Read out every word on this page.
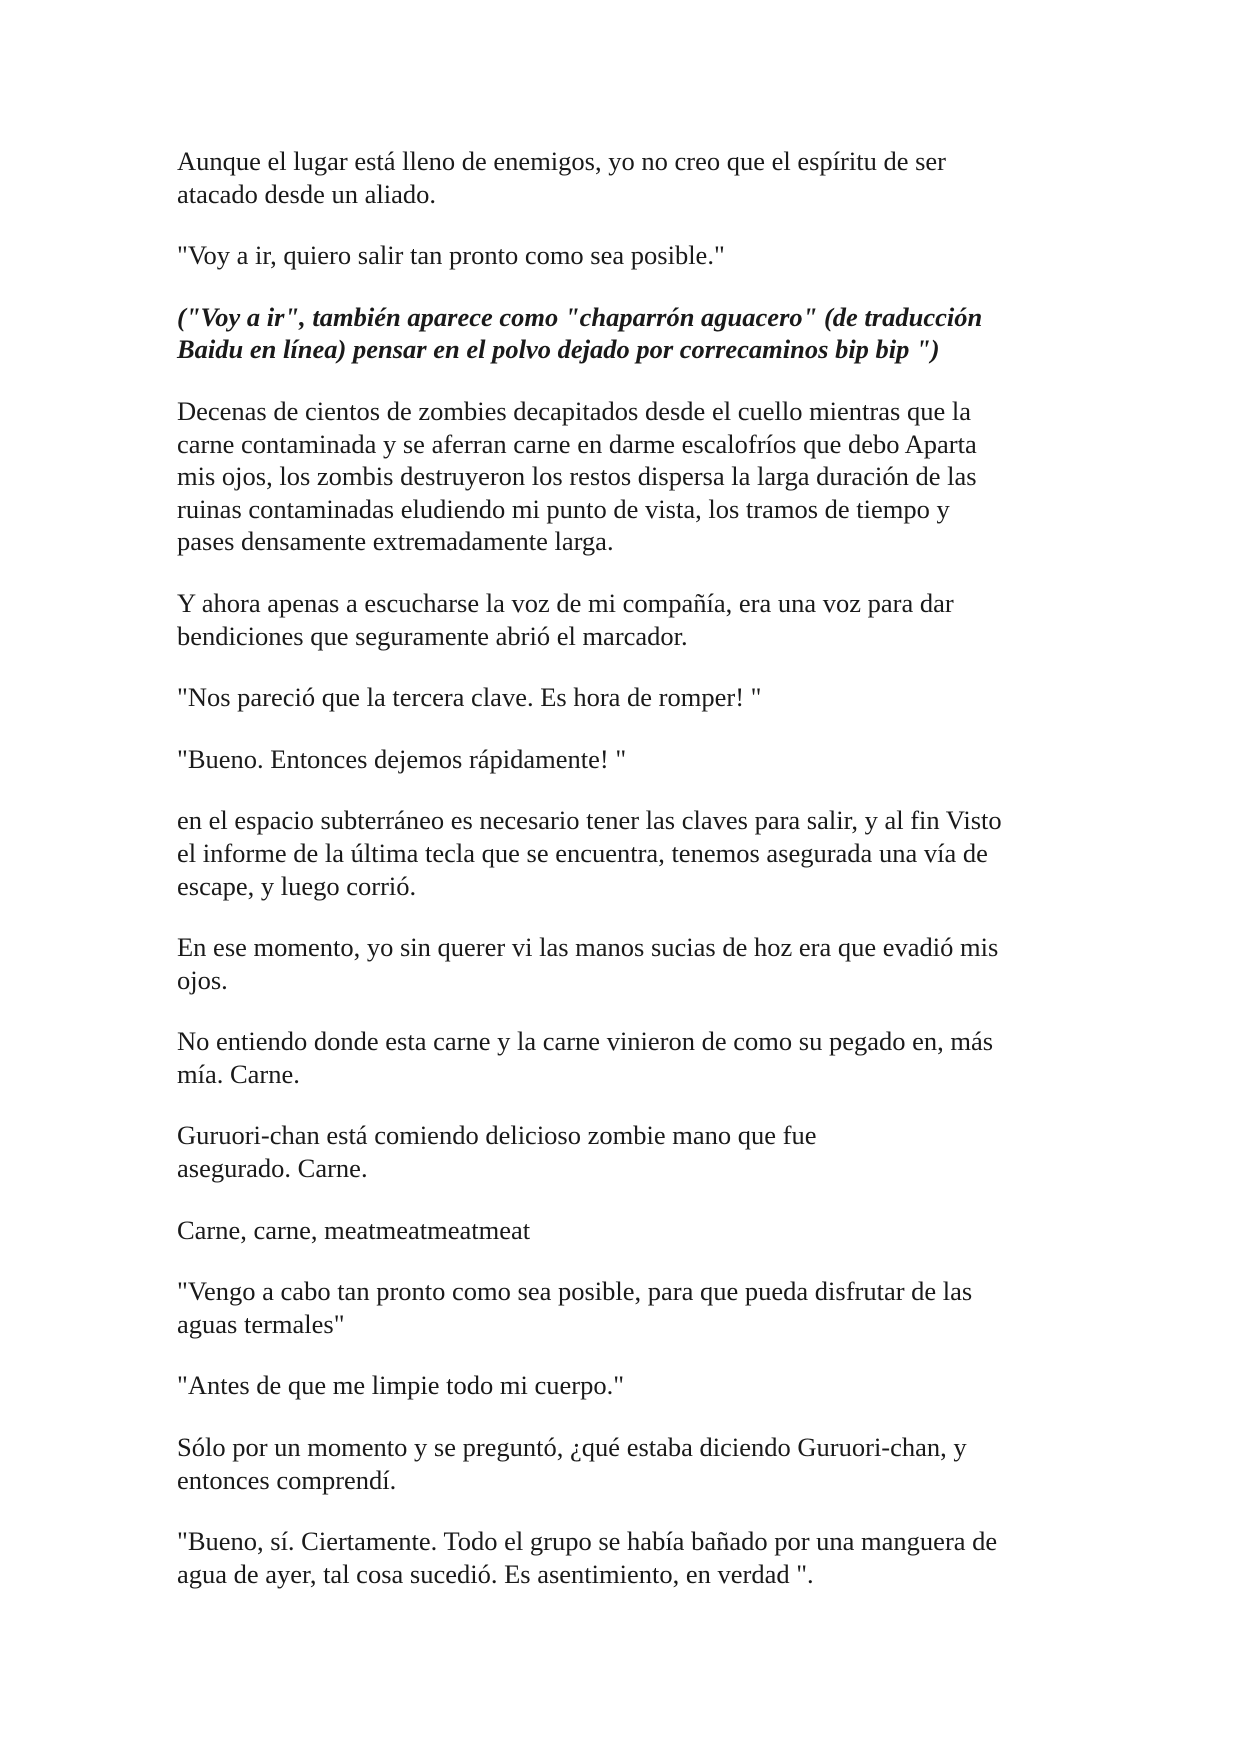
Aunque el lugar está lleno de enemigos, yo no creo que el espíritu de ser
atacado desde un aliado.

"Voy a ir, quiero salir tan pronto como sea posible."

("Voy a ir", también aparece como "chaparrón aguacero" (de traducción
Baidu en línea) pensar en el polvo dejado por correcaminos bip bip ")

Decenas de cientos de zombies decapitados desde el cuello mientras que la
carne contaminada y se aferran carne en darme escalofríos que debo Aparta
mis ojos, los zombis destruyeron los restos dispersa la larga duración de las
ruinas contaminadas eludiendo mi punto de vista, los tramos de tiempo y
pases densamente extremadamente larga.

Y ahora apenas a escucharse la voz de mi compañía, era una voz para dar
bendiciones que seguramente abrió el marcador.

"Nos pareció que la tercera clave. Es hora de romper! "

"Bueno. Entonces dejemos rápidamente! "

en el espacio subterráneo es necesario tener las claves para salir, y al fin Visto
el informe de la última tecla que se encuentra, tenemos asegurada una vía de
escape, y luego corrió.

En ese momento, yo sin querer vi las manos sucias de hoz era que evadió mis
ojos.

No entiendo donde esta carne y la carne vinieron de como su pegado en, más
mía. Carne.

Guruori-chan está comiendo delicioso zombie mano que fue
asegurado. Carne.

Carne, carne, meatmeatmeatmeat

"Vengo a cabo tan pronto como sea posible, para que pueda disfrutar de las
aguas termales"

"Antes de que me limpie todo mi cuerpo."

Sólo por un momento y se preguntó, ¿qué estaba diciendo Guruori-chan, y
entonces comprendí.

"Bueno, sí. Ciertamente. Todo el grupo se había bañado por una manguera de
agua de ayer, tal cosa sucedió. Es asentimiento, en verdad ".
